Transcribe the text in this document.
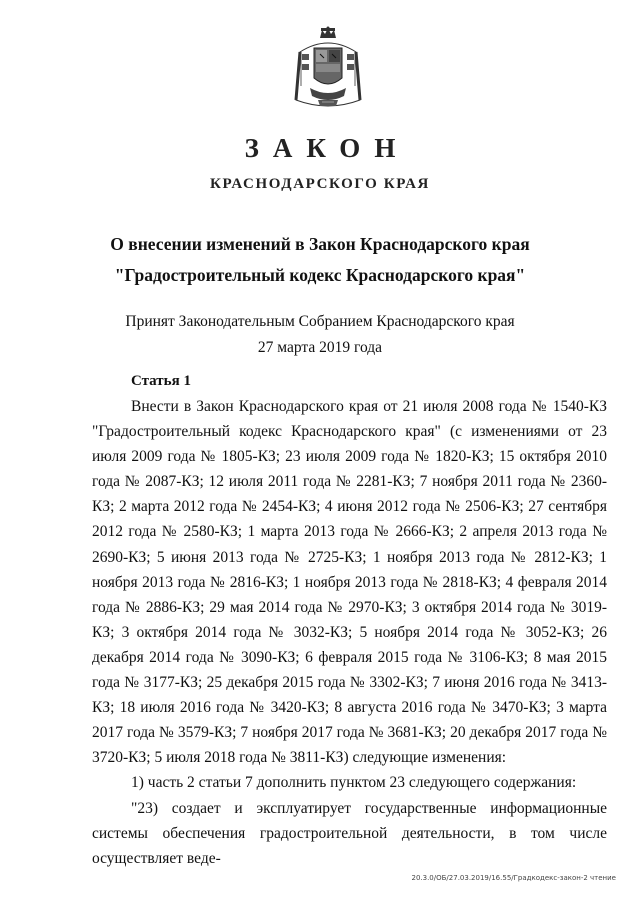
ЗАКОН
КРАСНОДАРСКОГО КРАЯ
О внесении изменений в Закон Краснодарского края
"Градостроительный кодекс Краснодарского края"
Принят Законодательным Собранием Краснодарского края
27 марта 2019 года
Статья 1

Внести в Закон Краснодарского края от 21 июля 2008 года № 1540-КЗ "Градостроительный кодекс Краснодарского края" (с изменениями от 23 июля 2009 года № 1805-КЗ; 23 июля 2009 года № 1820-КЗ; 15 октября 2010 года № 2087-КЗ; 12 июля 2011 года № 2281-КЗ; 7 ноября 2011 года № 2360-КЗ; 2 марта 2012 года № 2454-КЗ; 4 июня 2012 года № 2506-КЗ; 27 сентября 2012 года № 2580-КЗ; 1 марта 2013 года № 2666-КЗ; 2 апреля 2013 года № 2690-КЗ; 5 июня 2013 года № 2725-КЗ; 1 ноября 2013 года № 2812-КЗ; 1 ноября 2013 года № 2816-КЗ; 1 ноября 2013 года № 2818-КЗ; 4 февраля 2014 года № 2886-КЗ; 29 мая 2014 года № 2970-КЗ; 3 октября 2014 года № 3019-КЗ; 3 октября 2014 года № 3032-КЗ; 5 ноября 2014 года № 3052-КЗ; 26 декабря 2014 года № 3090-КЗ; 6 февраля 2015 года № 3106-КЗ; 8 мая 2015 года № 3177-КЗ; 25 декабря 2015 года № 3302-КЗ; 7 июня 2016 года № 3413-КЗ; 18 июля 2016 года № 3420-КЗ; 8 августа 2016 года № 3470-КЗ; 3 марта 2017 года № 3579-КЗ; 7 ноября 2017 года № 3681-КЗ; 20 декабря 2017 года № 3720-КЗ; 5 июля 2018 года № 3811-КЗ) следующие изменения:

1) часть 2 статьи 7 дополнить пунктом 23 следующего содержания:

"23) создает и эксплуатирует государственные информационные системы обеспечения градостроительной деятельности, в том числе осуществляет веде-

20.3.0/ОБ/27.03.2019/16.55/Градкодекс-закон-2 чтение
